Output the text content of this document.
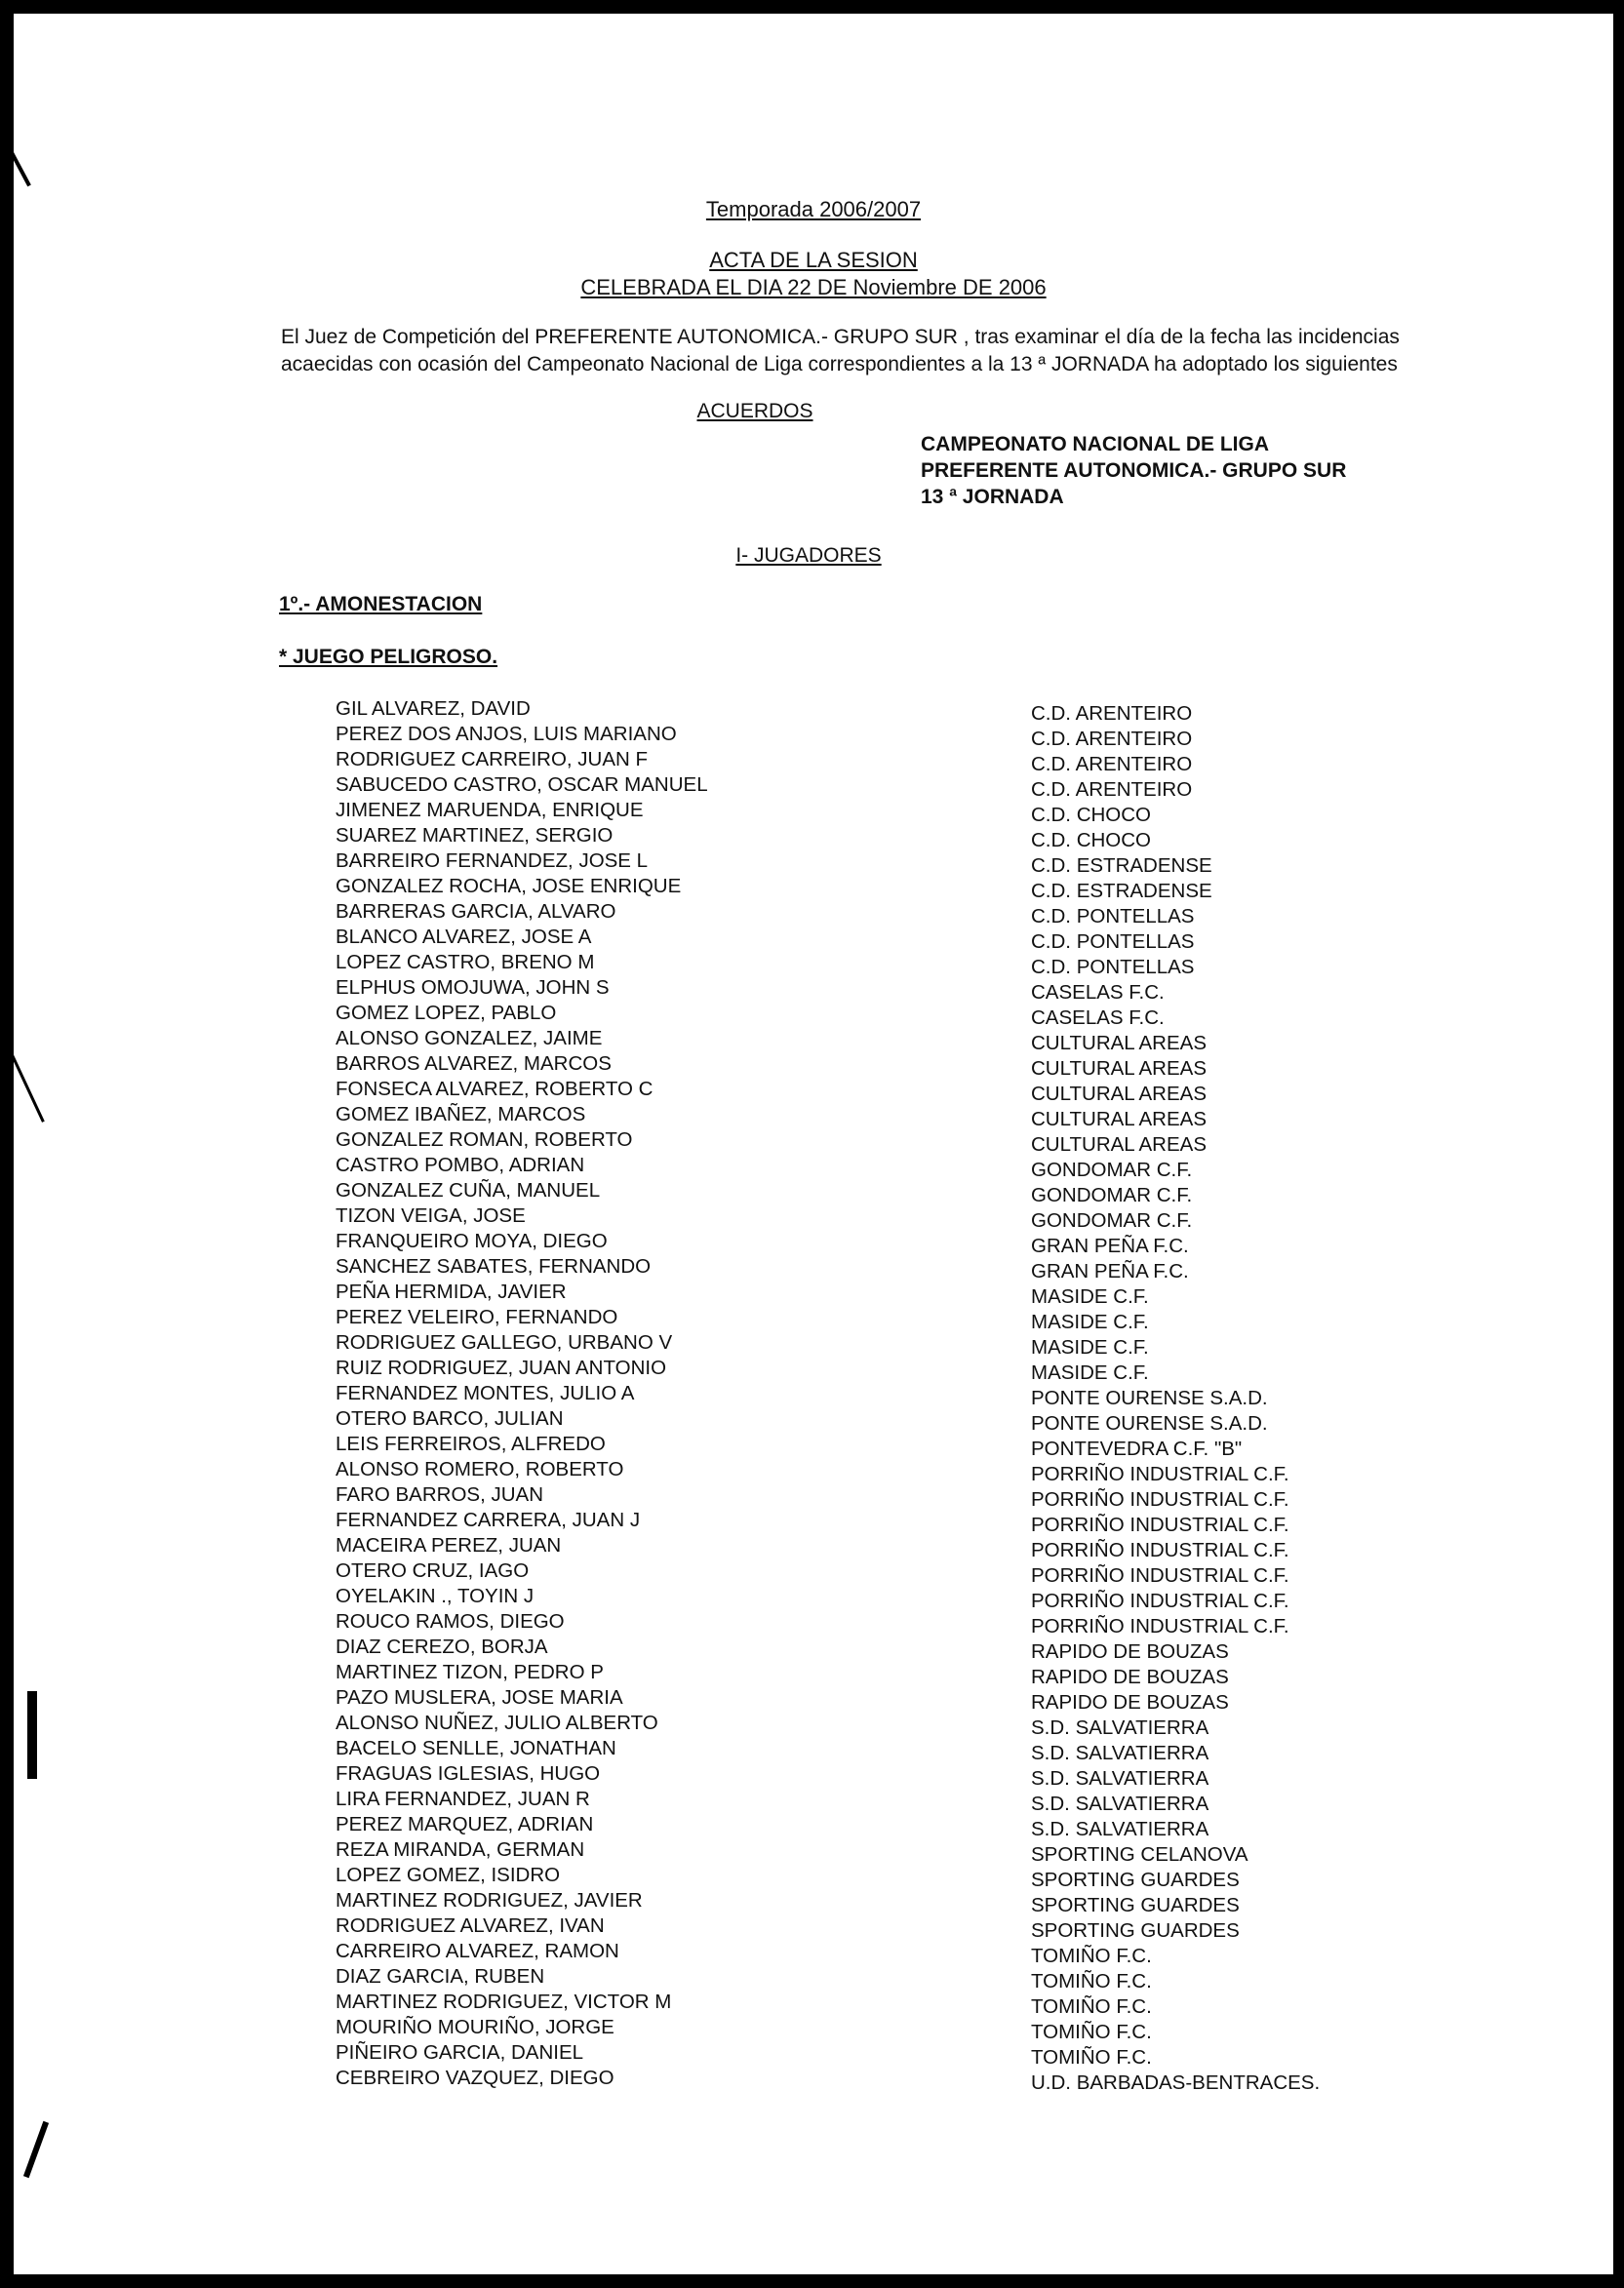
Temporada 2006/2007
ACTA DE LA SESION
CELEBRADA EL DIA 22 DE Noviembre DE 2006
El Juez de Competición del PREFERENTE AUTONOMICA.- GRUPO SUR , tras examinar el día de la fecha las incidencias acaecidas con ocasión del Campeonato Nacional de Liga correspondientes a la 13 ª JORNADA ha adoptado los siguientes
ACUERDOS
CAMPEONATO NACIONAL DE LIGA
PREFERENTE AUTONOMICA.- GRUPO SUR
13 ª JORNADA
I- JUGADORES
1º.- AMONESTACION
* JUEGO PELIGROSO.
GIL ALVAREZ, DAVID	C.D. ARENTEIRO
PEREZ DOS ANJOS, LUIS MARIANO	C.D. ARENTEIRO
RODRIGUEZ CARREIRO, JUAN F	C.D. ARENTEIRO
SABUCEDO CASTRO, OSCAR MANUEL	C.D. ARENTEIRO
JIMENEZ MARUENDA, ENRIQUE	C.D. CHOCO
SUAREZ MARTINEZ, SERGIO	C.D. CHOCO
BARREIRO FERNANDEZ, JOSE L	C.D. ESTRADENSE
GONZALEZ ROCHA, JOSE ENRIQUE	C.D. ESTRADENSE
BARRERAS GARCIA, ALVARO	C.D. PONTELLAS
BLANCO ALVAREZ, JOSE A	C.D. PONTELLAS
LOPEZ CASTRO, BRENO M	C.D. PONTELLAS
ELPHUS OMOJUWA, JOHN S	CASELAS F.C.
GOMEZ LOPEZ, PABLO	CASELAS F.C.
ALONSO GONZALEZ, JAIME	CULTURAL AREAS
BARROS ALVAREZ, MARCOS	CULTURAL AREAS
FONSECA ALVAREZ, ROBERTO C	CULTURAL AREAS
GOMEZ IBAÑEZ, MARCOS	CULTURAL AREAS
GONZALEZ ROMAN, ROBERTO	CULTURAL AREAS
CASTRO POMBO, ADRIAN	GONDOMAR C.F.
GONZALEZ CUÑA, MANUEL	GONDOMAR C.F.
TIZON VEIGA, JOSE	GONDOMAR C.F.
FRANQUEIRO MOYA, DIEGO	GRAN PEÑA F.C.
SANCHEZ SABATES, FERNANDO	GRAN PEÑA F.C.
PEÑA HERMIDA, JAVIER	MASIDE C.F.
PEREZ VELEIRO, FERNANDO	MASIDE C.F.
RODRIGUEZ GALLEGO, URBANO V	MASIDE C.F.
RUIZ RODRIGUEZ, JUAN ANTONIO	MASIDE C.F.
FERNANDEZ MONTES, JULIO A	PONTE OURENSE S.A.D.
OTERO BARCO, JULIAN	PONTE OURENSE S.A.D.
LEIS FERREIROS, ALFREDO	PONTEVEDRA C.F. "B"
ALONSO ROMERO, ROBERTO	PORRIÑO INDUSTRIAL C.F.
FARO BARROS, JUAN	PORRIÑO INDUSTRIAL C.F.
FERNANDEZ CARRERA, JUAN J	PORRIÑO INDUSTRIAL C.F.
MACEIRA PEREZ, JUAN	PORRIÑO INDUSTRIAL C.F.
OTERO CRUZ, IAGO	PORRIÑO INDUSTRIAL C.F.
OYELAKIN ., TOYIN J	PORRIÑO INDUSTRIAL C.F.
ROUCO RAMOS, DIEGO	PORRIÑO INDUSTRIAL C.F.
DIAZ CEREZO, BORJA	RAPIDO DE BOUZAS
MARTINEZ TIZON, PEDRO P	RAPIDO DE BOUZAS
PAZO MUSLERA, JOSE MARIA	RAPIDO DE BOUZAS
ALONSO NUÑEZ, JULIO ALBERTO	S.D. SALVATIERRA
BACELO SENLLE, JONATHAN	S.D. SALVATIERRA
FRAGUAS IGLESIAS, HUGO	S.D. SALVATIERRA
LIRA FERNANDEZ, JUAN R	S.D. SALVATIERRA
PEREZ MARQUEZ, ADRIAN	S.D. SALVATIERRA
REZA MIRANDA, GERMAN	SPORTING CELANOVA
LOPEZ GOMEZ, ISIDRO	SPORTING GUARDES
MARTINEZ RODRIGUEZ, JAVIER	SPORTING GUARDES
RODRIGUEZ ALVAREZ, IVAN	SPORTING GUARDES
CARREIRO ALVAREZ, RAMON	TOMIÑO F.C.
DIAZ GARCIA, RUBEN	TOMIÑO F.C.
MARTINEZ RODRIGUEZ, VICTOR M	TOMIÑO F.C.
MOURIÑO MOURIÑO, JORGE	TOMIÑO F.C.
PIÑEIRO GARCIA, DANIEL	TOMIÑO F.C.
CEBREIRO VAZQUEZ, DIEGO	U.D. BARBADAS-BENTRACES.
